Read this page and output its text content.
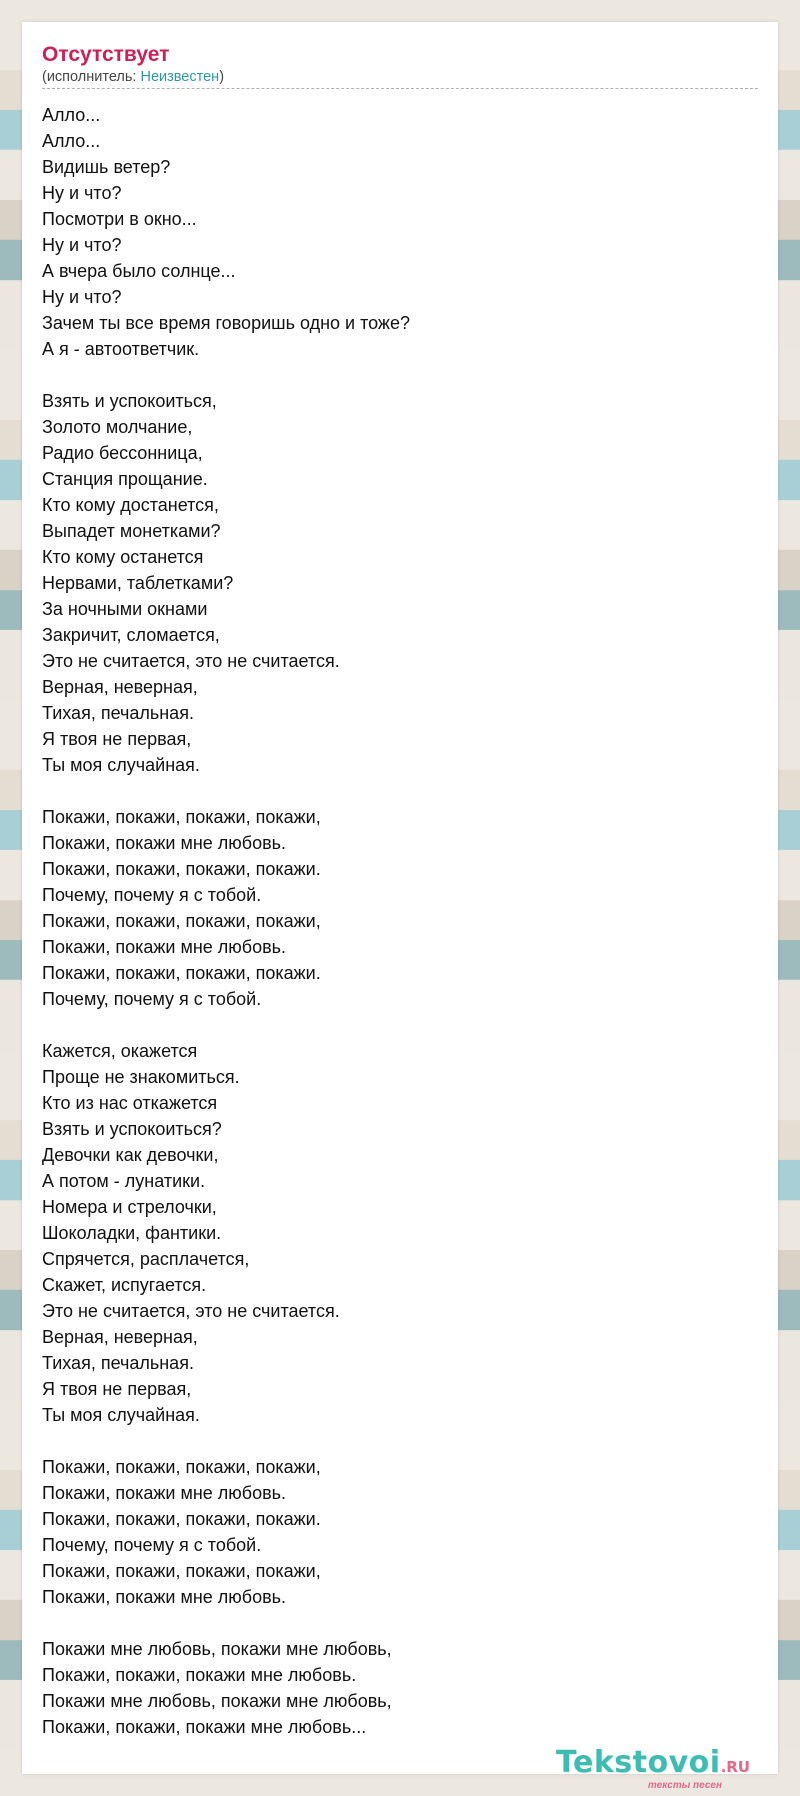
Отсутствует
(исполнитель: Неизвестен)
Алло...
Алло...
Видишь ветер?
Ну и что?
Посмотри в окно...
Ну и что?
А вчера было солнце...
Ну и что?
Зачем ты все время говоришь одно и тоже?
А я - автоответчик.
Взять и успокоиться,
Золото молчание,
Радио бессонница,
Станция прощание.
Кто кому достанется,
Выпадет монетками?
Кто кому останется
Нервами, таблетками?
За ночными окнами
Закричит, сломается,
Это не считается, это не считается.
Верная, неверная,
Тихая, печальная.
Я твоя не первая,
Ты моя случайная.
Покажи, покажи, покажи, покажи,
Покажи, покажи мне любовь.
Покажи, покажи, покажи, покажи.
Почему, почему я с тобой.
Покажи, покажи, покажи, покажи,
Покажи, покажи мне любовь.
Покажи, покажи, покажи, покажи.
Почему, почему я с тобой.
Кажется, окажется
Проще не знакомиться.
Кто из нас откажется
Взять и успокоиться?
Девочки как девочки,
А потом - лунатики.
Номера и стрелочки,
Шоколадки, фантики.
Спрячется, расплачется,
Скажет, испугается.
Это не считается, это не считается.
Верная, неверная,
Тихая, печальная.
Я твоя не первая,
Ты моя случайная.
Покажи, покажи, покажи, покажи,
Покажи, покажи мне любовь.
Покажи, покажи, покажи, покажи.
Почему, почему я с тобой.
Покажи, покажи, покажи, покажи,
Покажи, покажи мне любовь.
Покажи мне любовь, покажи мне любовь,
Покажи, покажи, покажи мне любовь.
Покажи мне любовь, покажи мне любовь,
Покажи, покажи, покажи мне любовь...
Tekstovoi.RU
тексты песен
